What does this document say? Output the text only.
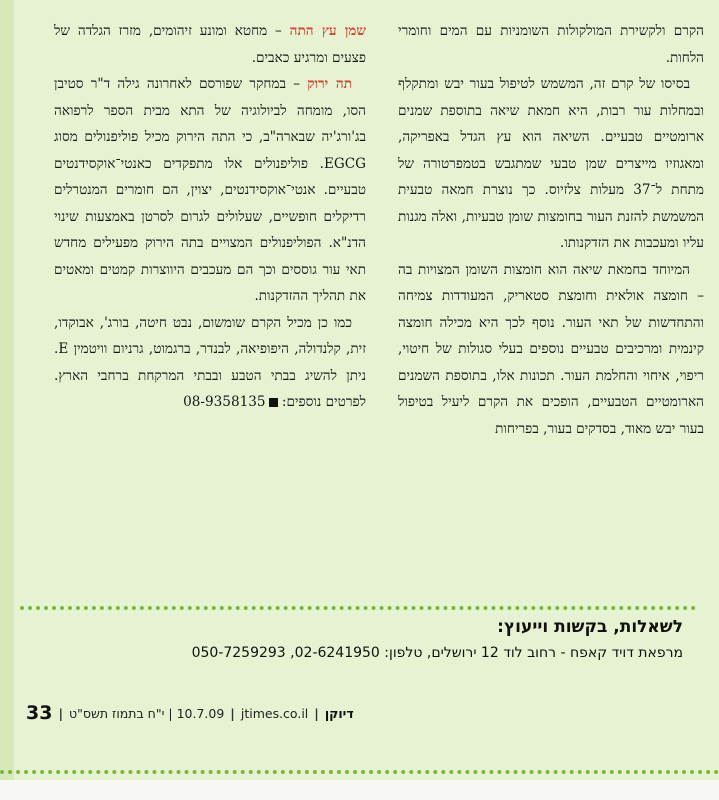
הקרם ולקשירת המולקולות השומניות עם המים וחומרי הלחות.

בסיסו של קרם זה, המשמש לטיפול בעור יבש ומתקלף ובמחלות עור רבות, היא חמאת שיאה בתוספת שמנים ארומטיים טבעיים. השיאה הוא עץ הגדל באפריקה, ומאגוזיו מייצרים שמן טבעי שמתגבש בטמפרטורה של מתחת ל־37 מעלות צלזיוס. כך נוצרת חמאה טבעית המשמשת להזנת העור בחומצות שומן טבעיות, ואלה מגנות עליו ומעכבות את הזדקנותו.

המיוחד בחמאת שיאה הוא חומצות השומן המצויות בה – חומצה אולאית וחומצת סטאריק, המעודדות צמיחה והתחדשות של תאי העור. נוסף לכך היא מכילה חומצה קינמית ומרכיבים טבעיים נוספים בעלי סגולות של חיטוי, ריפוי, איחוי והחלמת העור. תכונות אלו, בתוספת השמנים הארומטיים הטבעיים, הופכים את הקרם ליעיל בטיפול בעור יבש מאוד, בסדקים בעור, בפריחות

שמן עץ התה – מחטא ומונע זיהומים, מזרז הגלדה של פצעים ומרגיע כאבים.

תה ירוק – במחקר שפורסם לאחרונה גילה ד"ר סטיבן הסו, מומחה לביולוגיה של התא מבית הספר לרפואה בג'ורג'יה שבארה"ב, כי התה הירוק מכיל פוליפנולים מסוג EGCG. פוליפנולים אלו מתפקדים כאנטי־אוקסידנטים טבעיים. אנטי־אוקסידנטים, יצוין, הם חומרים המנטרלים רדיקלים חופשיים, שעלולים לגרום לסרטן באמצעות שינוי הדנ"א. הפוליפנולים המצויים בתה הירוק מפעילים מחדש תאי עור גוססים וכך הם מעכבים היווצרות קמטים ומאטים את תהליך ההזדקנות.

כמו כן מכיל הקרם שומשום, נבט חיטה, בורג', אבוקדו, זית, קלנדולה, היפופיאה, לבנדר, ברגמוט, גרניום וויטמין E. ניתן להשיג בבתי הטבע ובבתי המרקחת ברחבי הארץ. לפרטים נוספים: 08-9358135

לשאלות, בקשות וייעוץ:
מרפאת דויד קאפח - רחוב לוד 12 ירושלים, טלפון: 02-6241950, 050-7259293
33 | 10.7.09 | י"ח בתמוז תשס"ט | jtimes.co.il | דיוקן
